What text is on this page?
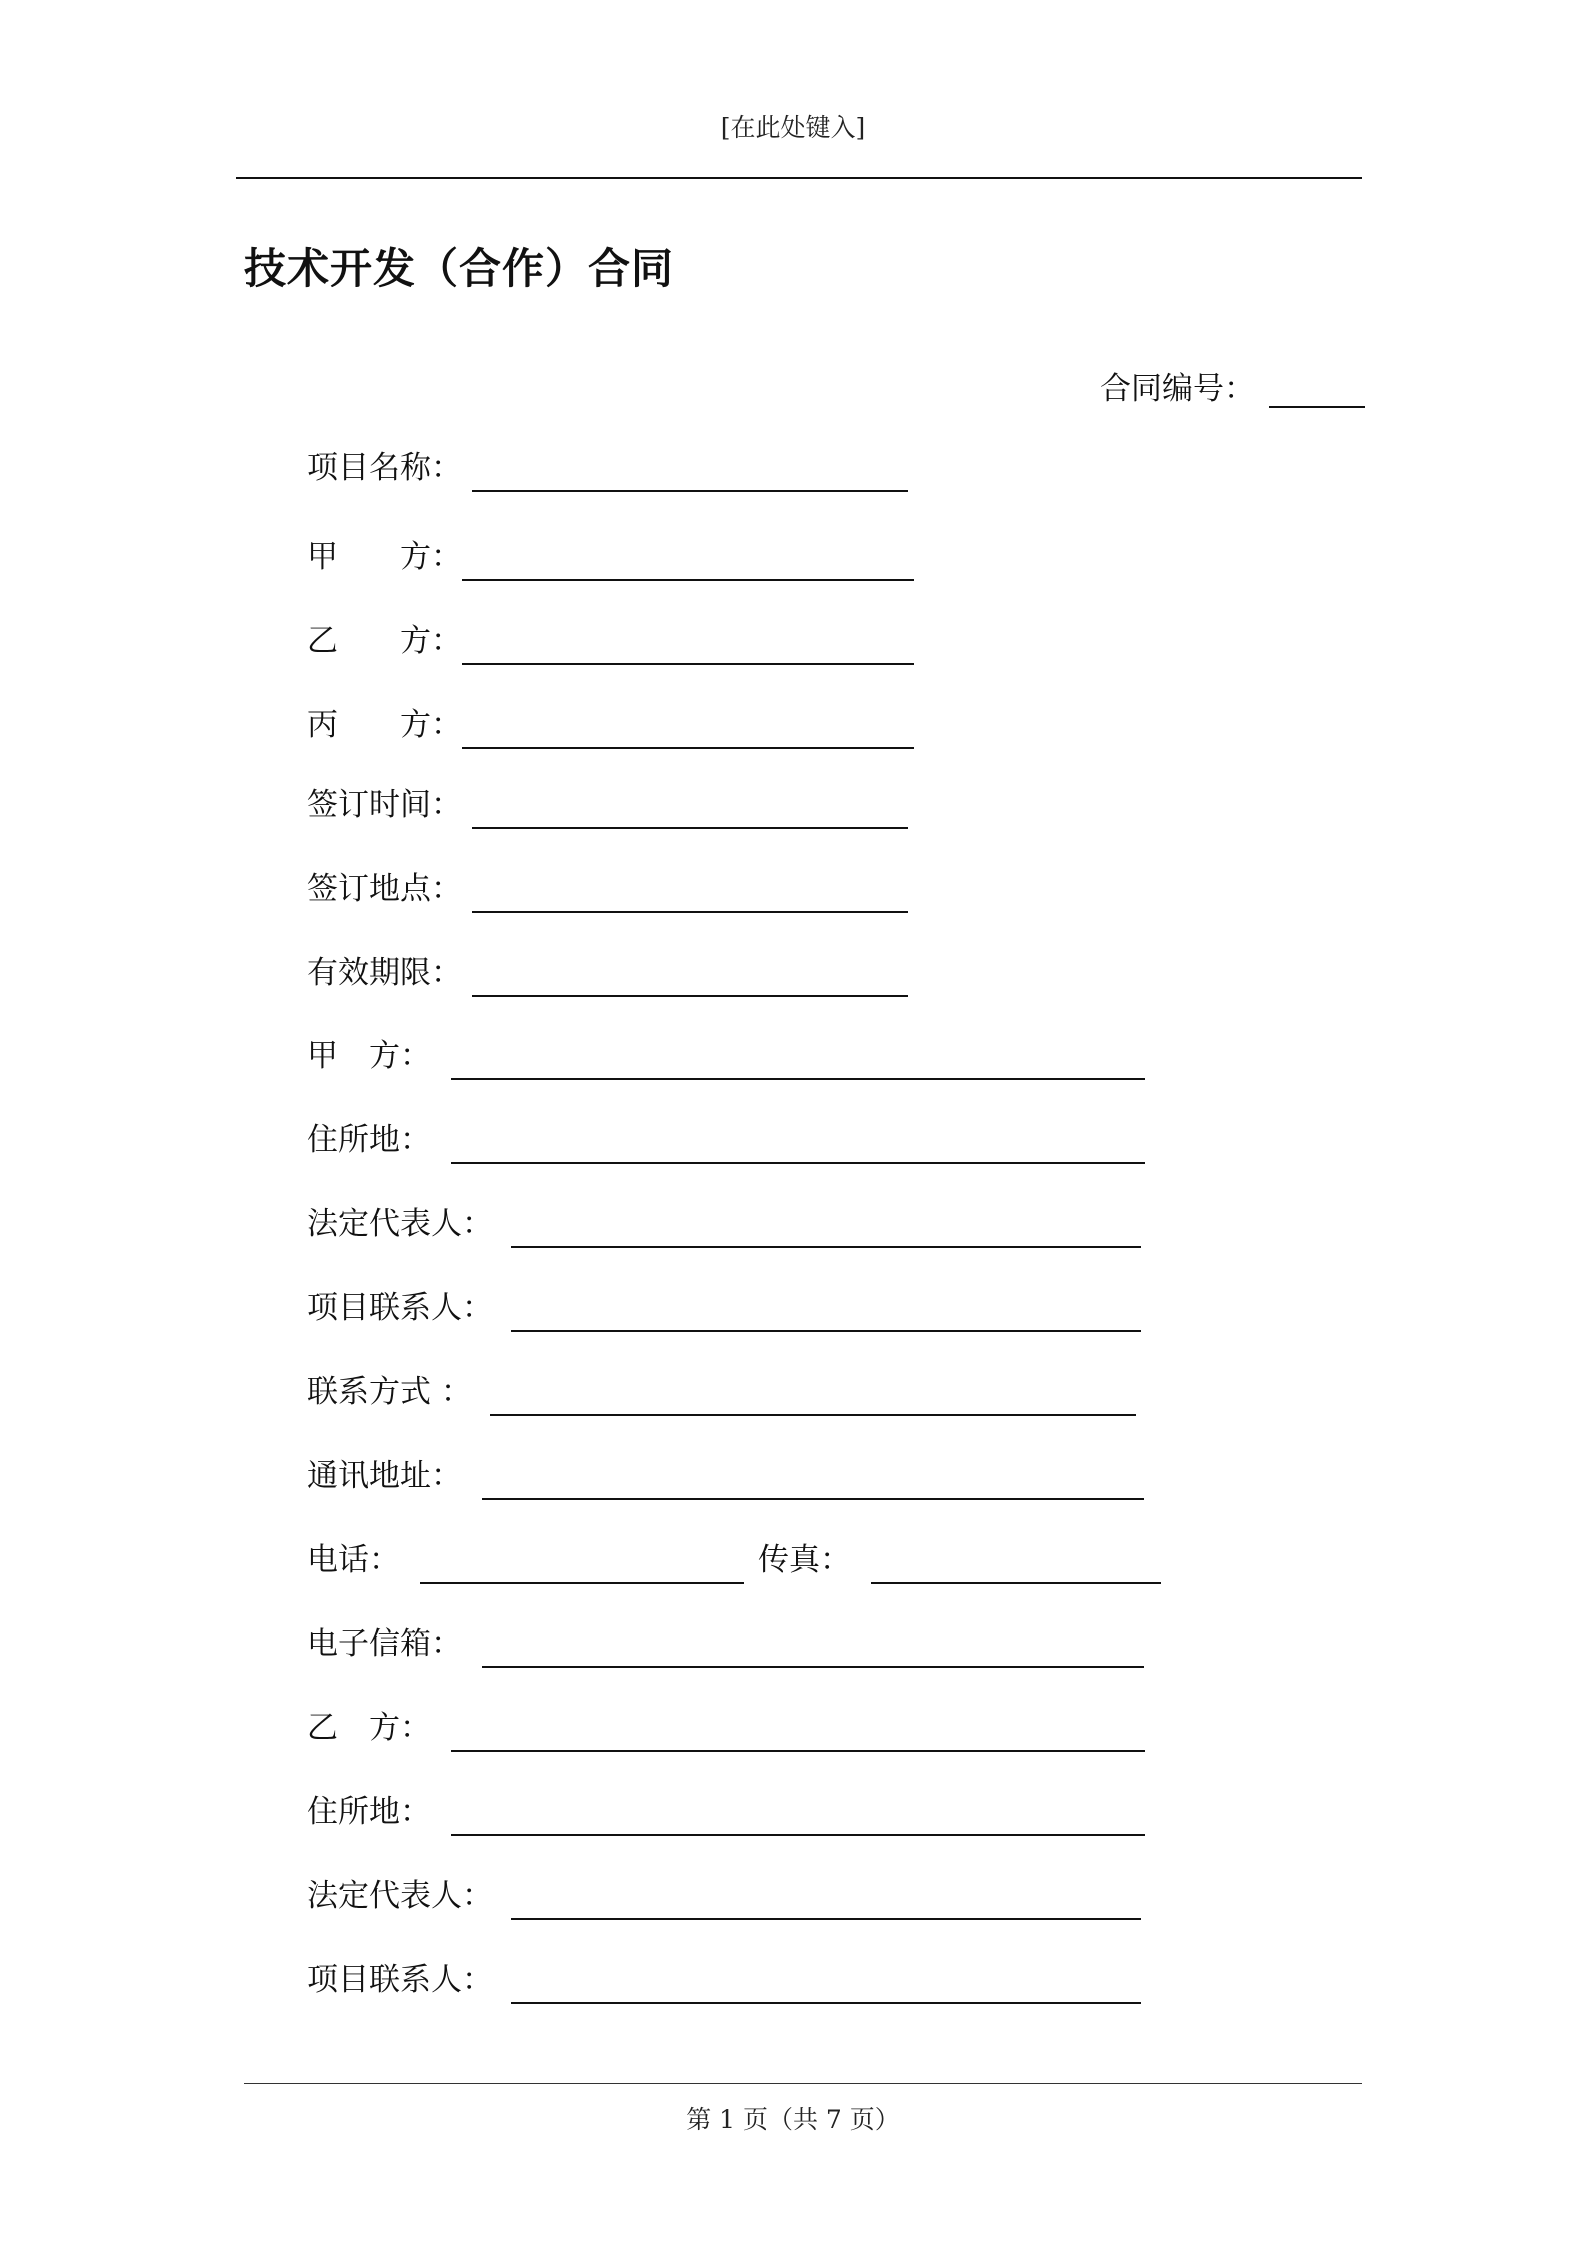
[在此处键入]
技术开发（合作）合同
合同编号：
项目名称：
甲　　方：
乙　　方：
丙　　方：
签订时间：
签订地点：
有效期限：
甲　方：
住所地：
法定代表人：
项目联系人：
联系方式 ：
通讯地址：
电话：	传真：
电子信箱：
乙　方：
住所地：
法定代表人：
项目联系人：
第 1 页（共 7 页）
